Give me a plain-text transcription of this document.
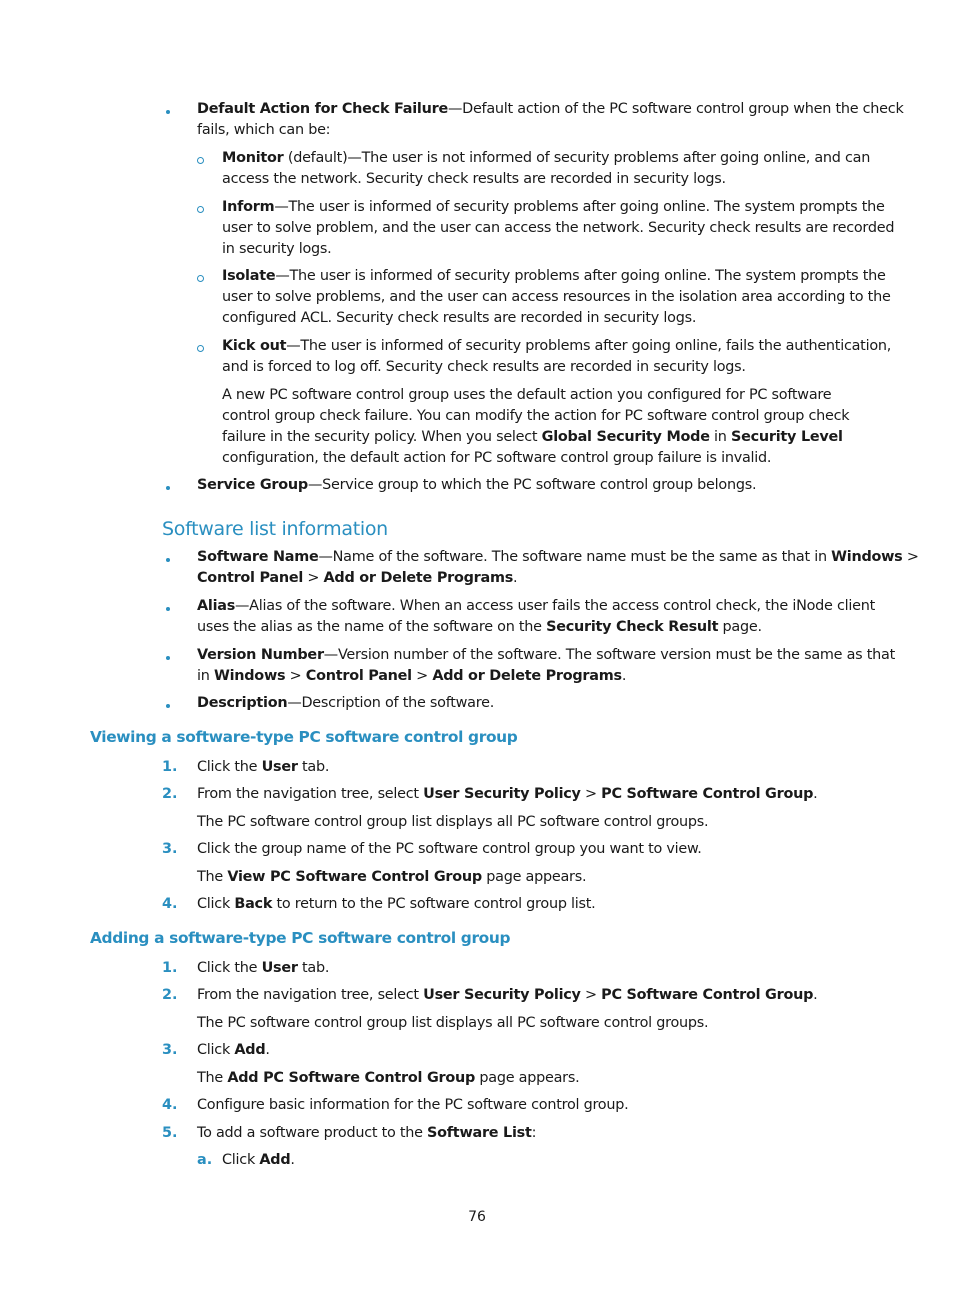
Default Action for Check Failure—Default action of the PC software control group when the check
fails, which can be:
Monitor (default)—The user is not informed of security problems after going online, and can
access the network. Security check results are recorded in security logs.
Inform—The user is informed of security problems after going online. The system prompts the
user to solve problem, and the user can access the network. Security check results are recorded
in security logs.
Isolate—The user is informed of security problems after going online. The system prompts the
user to solve problems, and the user can access resources in the isolation area according to the
configured ACL. Security check results are recorded in security logs.
Kick out—The user is informed of security problems after going online, fails the authentication,
and is forced to log off. Security check results are recorded in security logs.
A new PC software control group uses the default action you configured for PC software
control group check failure. You can modify the action for PC software control group check
failure in the security policy. When you select Global Security Mode in Security Level
configuration, the default action for PC software control group failure is invalid.
Service Group—Service group to which the PC software control group belongs.
Software list information
Software Name—Name of the software. The software name must be the same as that in Windows >
Control Panel > Add or Delete Programs.
Alias—Alias of the software. When an access user fails the access control check, the iNode client
uses the alias as the name of the software on the Security Check Result page.
Version Number—Version number of the software. The software version must be the same as that
in Windows > Control Panel > Add or Delete Programs.
Description—Description of the software.
Viewing a software-type PC software control group
1. Click the User tab.
2. From the navigation tree, select User Security Policy > PC Software Control Group.
The PC software control group list displays all PC software control groups.
3. Click the group name of the PC software control group you want to view.
The View PC Software Control Group page appears.
4. Click Back to return to the PC software control group list.
Adding a software-type PC software control group
1. Click the User tab.
2. From the navigation tree, select User Security Policy > PC Software Control Group.
The PC software control group list displays all PC software control groups.
3. Click Add.
The Add PC Software Control Group page appears.
4. Configure basic information for the PC software control group.
5. To add a software product to the Software List:
a. Click Add.
76
